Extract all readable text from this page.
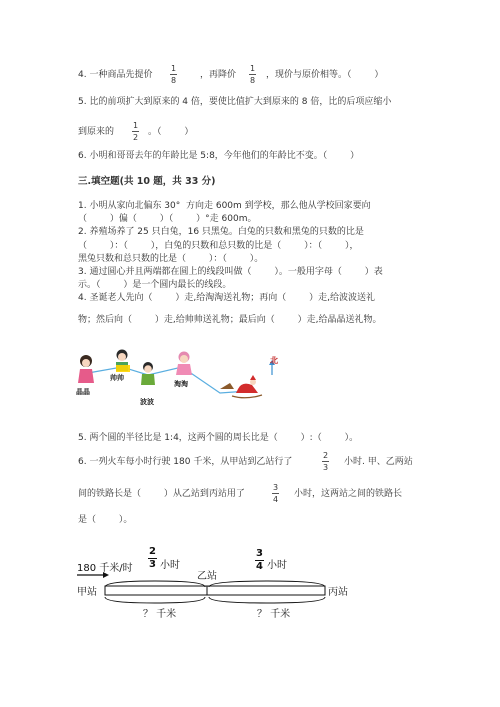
4. 一种商品先提价
1
8
，再降价
1
8
，现价与原价相等。（        ）
5. 比的前项扩大到原来的 4 倍，要使比值扩大到原来的 8 倍，比的后项应缩小
到原来的
1
2
。（        ）
6. 小明和哥哥去年的年龄比是 5:8，今年他们的年龄比不变。（        ）
三.填空题(共 10 题，共 33 分)
1. 小明从家向北偏东 30°  方向走 600m 到学校，那么他从学校回家要向
（        ）偏（        ）（        ）°走 600m。
2. 养殖场养了 25 只白兔，16 只黑兔。白兔的只数和黑兔的只数的比是
（        ）：（        ），白兔的只数和总只数的比是（        ）：（        ），
黑兔只数和总只数的比是（        ）：（        ）。
3. 通过圆心并且两端都在圆上的线段叫做（        ）。一般用字母（        ）表
示。（        ）是一个圆内最长的线段。
4. 圣诞老人先向（        ）走,给淘淘送礼物；再向（        ）走,给波波送礼
物；然后向（        ）走,给帅帅送礼物；最后向（        ）走,给晶晶送礼物。
北
晶晶
帅帅
波波
淘淘
5. 两个圆的半径比是 1:4，这两个圆的周长比是（        ）:（        ）。
6. 一列火车每小时行驶 180 千米，从甲站到乙站行了
2
3
小时. 甲、乙两站
间的铁路长是（        ）从乙站到丙站用了
3
4
小时，这两站之间的铁路长
是（        ）。
180 千米/时
2
3 小时
乙站
3
4 小时
甲站	丙站
？ 千米	？ 千米
